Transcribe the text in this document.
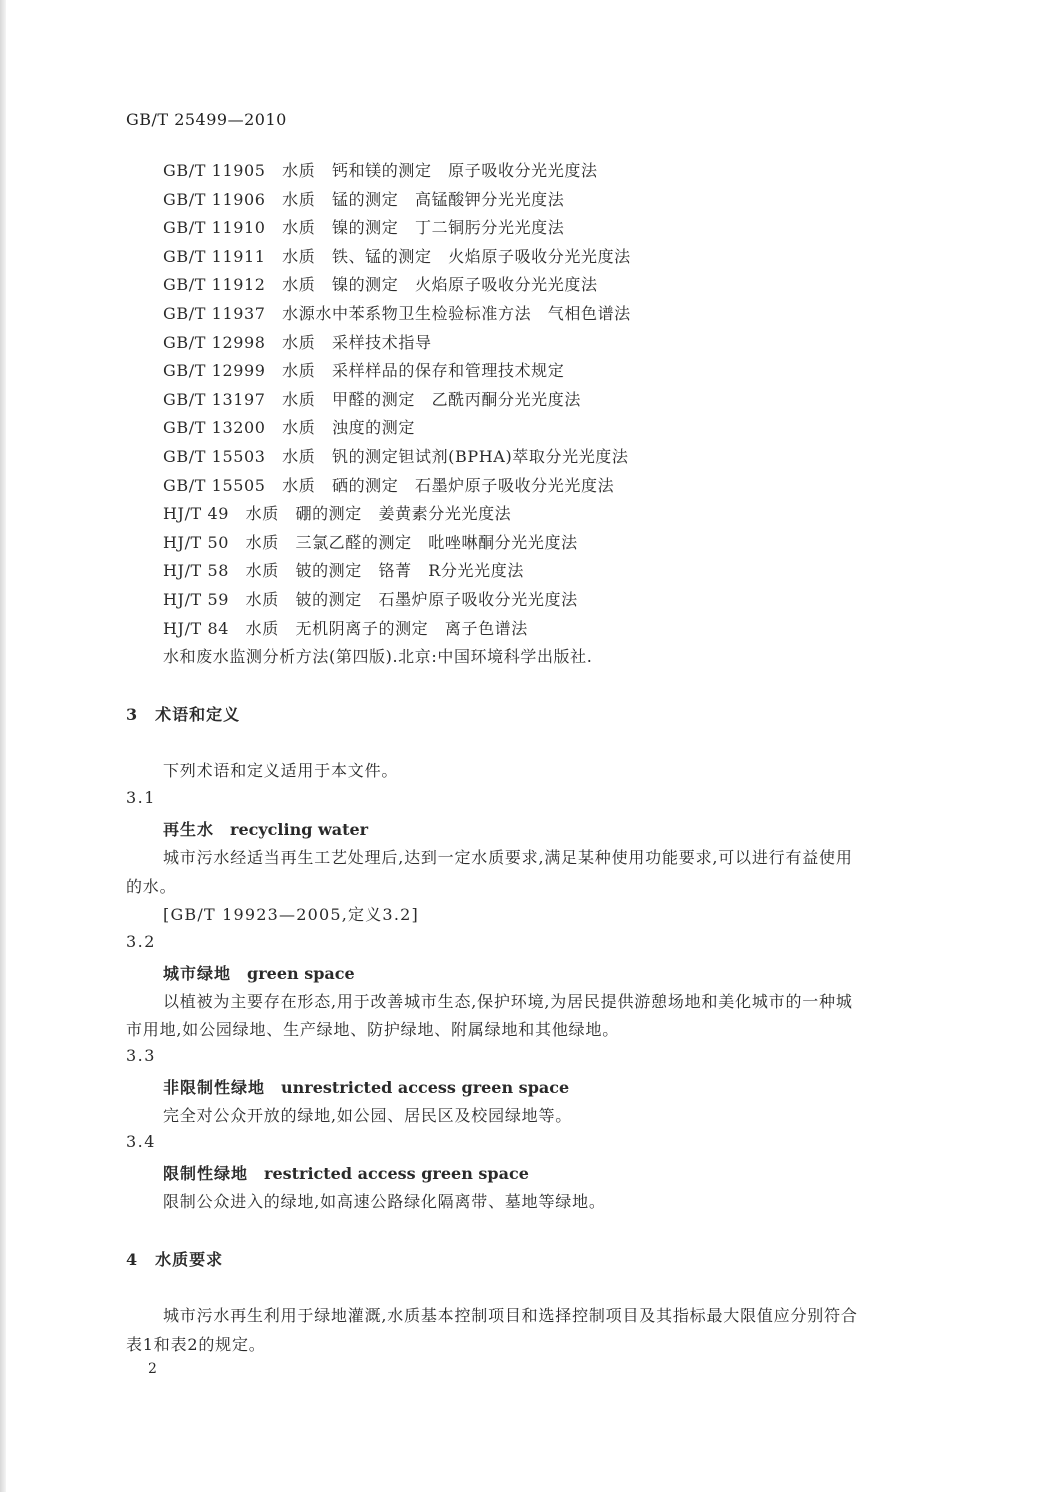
GB/T 25499—2010
GB/T 11905　水质　钙和镁的测定　原子吸收分光光度法
GB/T 11906　水质　锰的测定　高锰酸钾分光光度法
GB/T 11910　水质　镍的测定　丁二铜肟分光光度法
GB/T 11911　水质　铁、锰的测定　火焰原子吸收分光光度法
GB/T 11912　水质　镍的测定　火焰原子吸收分光光度法
GB/T 11937　水源水中苯系物卫生检验标准方法　气相色谱法
GB/T 12998　水质　采样技术指导
GB/T 12999　水质　采样样品的保存和管理技术规定
GB/T 13197　水质　甲醛的测定　乙酰丙酮分光光度法
GB/T 13200　水质　浊度的测定
GB/T 15503　水质　钒的测定钽试剂(BPHA)萃取分光光度法
GB/T 15505　水质　硒的测定　石墨炉原子吸收分光光度法
HJ/T 49　水质　硼的测定　姜黄素分光光度法
HJ/T 50　水质　三氯乙醛的测定　吡唑啉酮分光光度法
HJ/T 58　水质　铍的测定　铬菁　R分光光度法
HJ/T 59　水质　铍的测定　石墨炉原子吸收分光光度法
HJ/T 84　水质　无机阴离子的测定　离子色谱法
水和废水监测分析方法(第四版).北京:中国环境科学出版社.
3　术语和定义
下列术语和定义适用于本文件。
3.1
再生水　 recycling water
城市污水经适当再生工艺处理后,达到一定水质要求,满足某种使用功能要求,可以进行有益使用
的水。
[GB/T 19923—2005,定义3.2]
3.2
城市绿地　 green space
以植被为主要存在形态,用于改善城市生态,保护环境,为居民提供游憩场地和美化城市的一种城
市用地,如公园绿地、生产绿地、防护绿地、附属绿地和其他绿地。
3.3
非限制性绿地　 unrestricted access green space
完全对公众开放的绿地,如公园、居民区及校园绿地等。
3.4
限制性绿地　 restricted access green space
限制公众进入的绿地,如高速公路绿化隔离带、墓地等绿地。
4　水质要求
城市污水再生利用于绿地灌溉,水质基本控制项目和选择控制项目及其指标最大限值应分别符合
表1和表2的规定。
2
